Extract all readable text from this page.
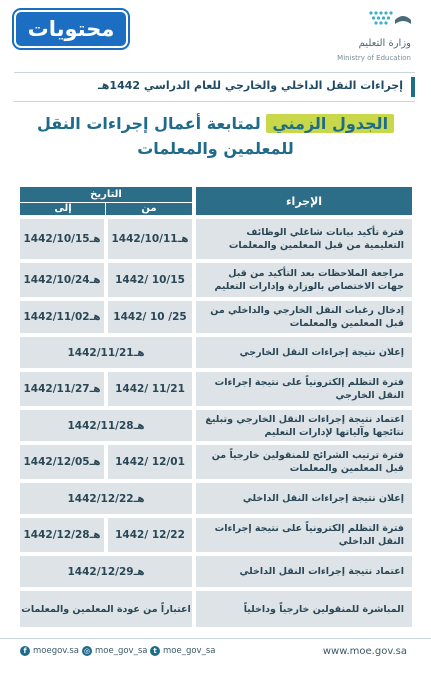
محتويات
وزارة التعليم
Ministry of Education
إجراءات النقل الداخلي والخارجي للعام الدراسي 1442هـ
الجدول الزمني لمتابعة أعمال إجراءات النقل
للمعلمين والمعلمات
الإجراء
التاريخ
من
إلى
فترة تأكيد بيانات شاغلي الوظائف التعليمية من قبل المعلمين والمعلمات
1442/10/11هـ
1442/10/15هـ
مراجعة الملاحظات بعد التأكيد من قبل جهات الاختصاص بالوزارة وإدارات التعليم
1442/ 10/15
1442/10/24هـ
إدخال رغبات النقل الخارجي والداخلي من قبل المعلمين والمعلمات
1442/ 10 /25
1442/11/02هـ
إعلان نتيجة إجراءات النقل الخارجي
1442/11/21هـ
فترة التظلم إلكترونياً على نتيجة إجراءات النقل الخارجي
1442/ 11/21
1442/11/27هـ
اعتماد نتيجة إجراءات النقل الخارجي وتبليغ نتائجها وآلياتها لإدارات التعليم
1442/11/28هـ
فترة ترتيب الشرائح للمنقولين خارجياً من قبل المعلمين والمعلمات
1442/ 12/01
1442/12/05هـ
إعلان نتيجة إجراءات النقل الداخلي
1442/12/22هـ
فترة التظلم إلكترونياً على نتيجة إجراءات النقل الداخلي
1442/ 12/22
1442/12/28هـ
اعتماد نتيجة إجراءات النقل الداخلي
1442/12/29هـ
المباشرة للمنقولين خارجياً وداخلياً
اعتباراً من عودة المعلمين والمعلمات
www.moe.gov.sa
t moe_gov_sa
◎ moe_gov_sa
f moegov.sa
